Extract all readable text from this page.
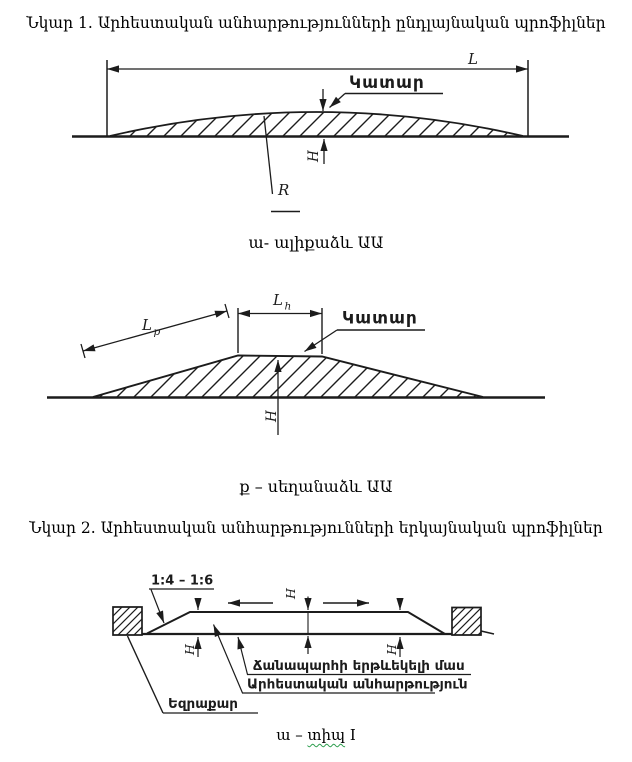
Նկար 1. Արհեստական անհարթությունների ընդլայնական պրոֆիլներ
L
Կատար
H
R
ա- ալիքաձև ԱԱ
L p
L h
Կատար
H
ք – սեղանաձև ԱԱ
Նկար 2. Արհեստական անհարթությունների երկայնական պրոֆիլներ
H
H	H
1:4 – 1:6
Ճանապարհի երթևեկելի մաս
Արհեստական անհարթություն
Եզրաքար
ա – տիպ I
